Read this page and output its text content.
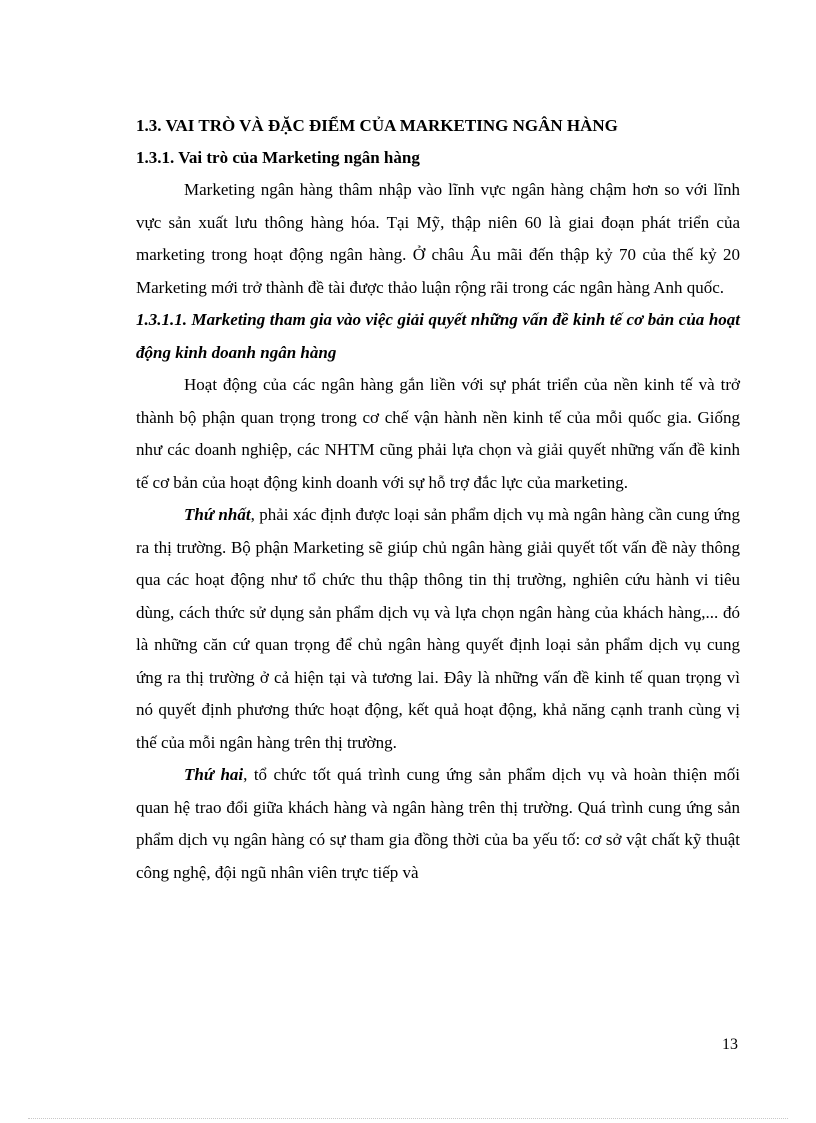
1.3. VAI TRÒ VÀ ĐẶC ĐIỂM CỦA MARKETING NGÂN HÀNG
1.3.1. Vai trò của Marketing ngân hàng

Marketing ngân hàng thâm nhập vào lĩnh vực ngân hàng chậm hơn so với lĩnh vực sản xuất lưu thông hàng hóa. Tại Mỹ, thập niên 60 là giai đoạn phát triển của marketing trong hoạt động ngân hàng. Ở châu Âu mãi đến thập kỷ 70 của thế kỷ 20 Marketing mới trở thành đề tài được thảo luận rộng rãi trong các ngân hàng Anh quốc.

1.3.1.1. Marketing tham gia vào việc giải quyết những vấn đề kinh tế cơ bản của hoạt động kinh doanh ngân hàng

Hoạt động của các ngân hàng gắn liền với sự phát triển của nền kinh tế và trở thành bộ phận quan trọng trong cơ chế vận hành nền kinh tế của mỗi quốc gia. Giống như các doanh nghiệp, các NHTM cũng phải lựa chọn và giải quyết những vấn đề kinh tế cơ bản của hoạt động kinh doanh với sự hỗ trợ đắc lực của marketing.

Thứ nhất, phải xác định được loại sản phẩm dịch vụ mà ngân hàng cần cung ứng ra thị trường. Bộ phận Marketing sẽ giúp chủ ngân hàng giải quyết tốt vấn đề này thông qua các hoạt động như tổ chức thu thập thông tin thị trường, nghiên cứu hành vi tiêu dùng, cách thức sử dụng sản phẩm dịch vụ và lựa chọn ngân hàng của khách hàng,... đó là những căn cứ quan trọng để chủ ngân hàng quyết định loại sản phẩm dịch vụ cung ứng ra thị trường ở cả hiện tại và tương lai. Đây là những vấn đề kinh tế quan trọng vì nó quyết định phương thức hoạt động, kết quả hoạt động, khả năng cạnh tranh cùng vị thế của mỗi ngân hàng trên thị trường.

Thứ hai, tổ chức tốt quá trình cung ứng sản phẩm dịch vụ và hoàn thiện mối quan hệ trao đổi giữa khách hàng và ngân hàng trên thị trường. Quá trình cung ứng sản phẩm dịch vụ ngân hàng có sự tham gia đồng thời của ba yếu tố: cơ sở vật chất kỹ thuật công nghệ, đội ngũ nhân viên trực tiếp và

13
